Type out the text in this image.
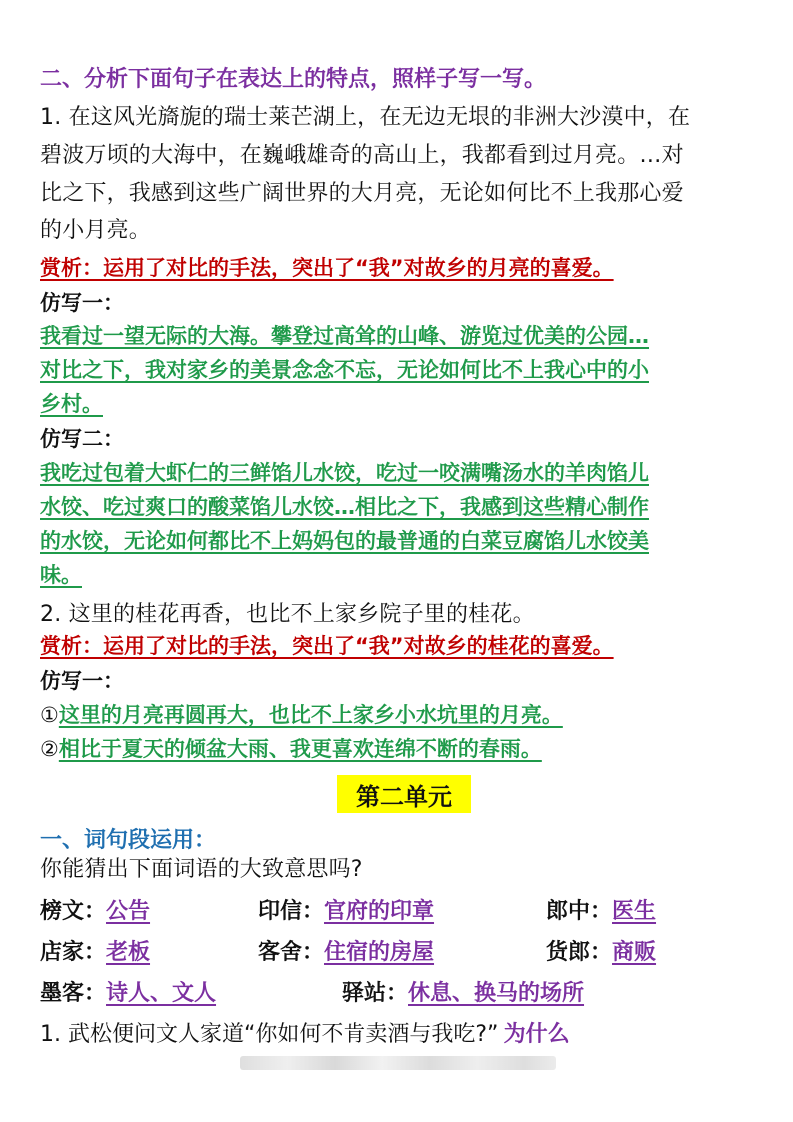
二、分析下面句子在表达上的特点，照样子写一写。
1. 在这风光旖旎的瑞士莱芒湖上，在无边无垠的非洲大沙漠中，在
碧波万顷的大海中，在巍峨雄奇的高山上，我都看到过月亮。…对
比之下，我感到这些广阔世界的大月亮，无论如何比不上我那心爱
的小月亮。
赏析：运用了对比的手法，突出了“我”对故乡的月亮的喜爱。
仿写一：
我看过一望无际的大海。攀登过高耸的山峰、游览过优美的公园…
对比之下，我对家乡的美景念念不忘，无论如何比不上我心中的小
乡村。
仿写二：
我吃过包着大虾仁的三鲜馅儿水饺，吃过一咬满嘴汤水的羊肉馅儿
水饺、吃过爽口的酸菜馅儿水饺…相比之下，我感到这些精心制作
的水饺，无论如何都比不上妈妈包的最普通的白菜豆腐馅儿水饺美
味。
2. 这里的桂花再香，也比不上家乡院子里的桂花。
赏析：运用了对比的手法，突出了“我”对故乡的桂花的喜爱。
仿写一：
①这里的月亮再圆再大，也比不上家乡小水坑里的月亮。
②相比于夏天的倾盆大雨、我更喜欢连绵不断的春雨。
第二单元
一、词句段运用：
你能猜出下面词语的大致意思吗?
榜文：公告	印信：官府的印章	郎中：医生
店家：老板	客舍：住宿的房屋	货郎：商贩
墨客：诗人、文人	驿站：休息、换马的场所
1. 武松便问文人家道“你如何不肯卖酒与我吃?” 为什么
